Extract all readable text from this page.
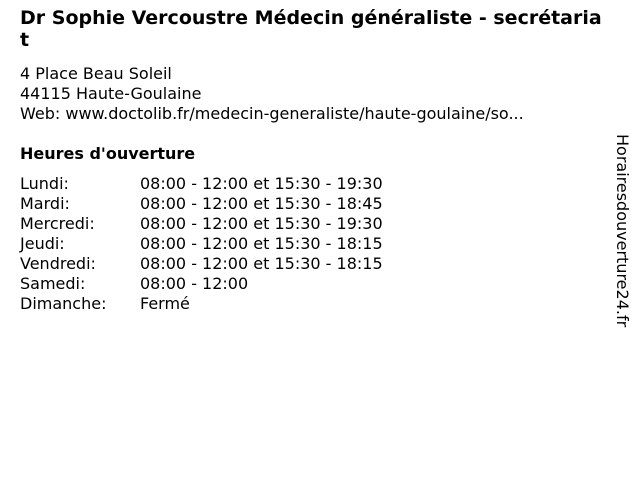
Dr Sophie Vercoustre Médecin généraliste - secrétariat
4 Place Beau Soleil
44115 Haute-Goulaine
Web: www.doctolib.fr/medecin-generaliste/haute-goulaine/so...
Heures d'ouverture
Lundi:	08:00 - 12:00 et 15:30 - 19:30
Mardi:	08:00 - 12:00 et 15:30 - 18:45
Mercredi:	08:00 - 12:00 et 15:30 - 19:30
Jeudi:	08:00 - 12:00 et 15:30 - 18:15
Vendredi:	08:00 - 12:00 et 15:30 - 18:15
Samedi:	08:00 - 12:00
Dimanche:	Fermé	Horairesdouverture24.fr
